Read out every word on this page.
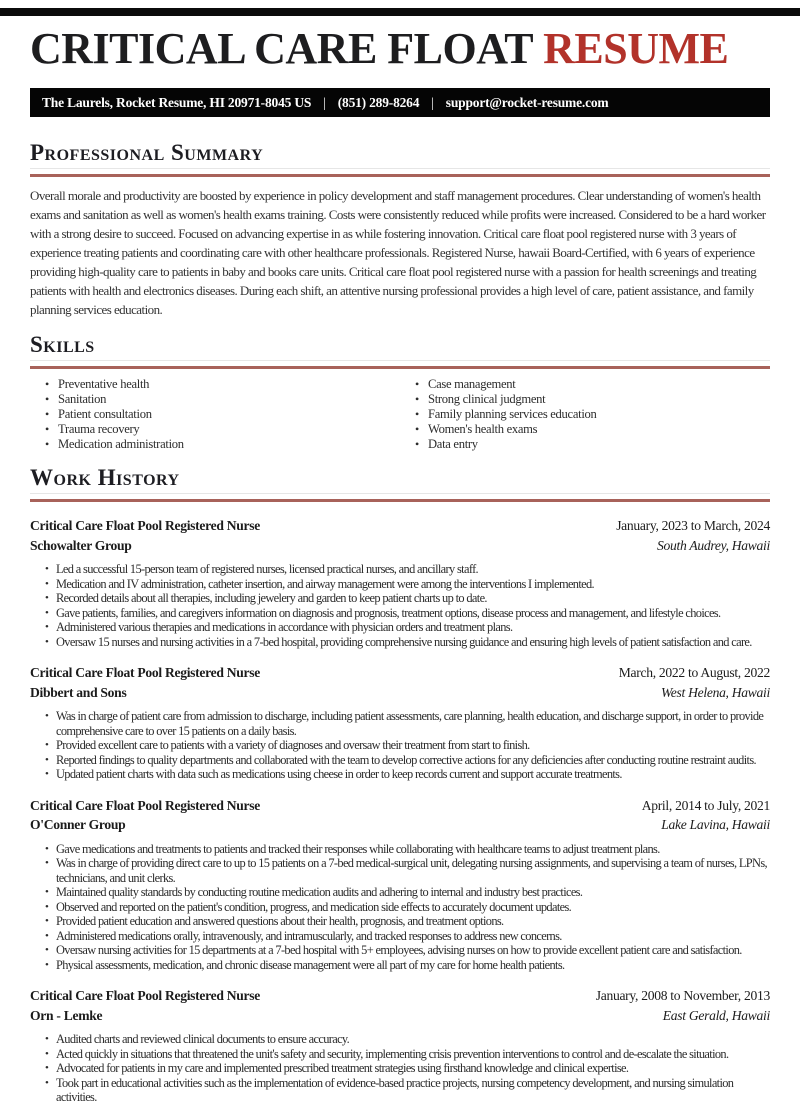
CRITICAL CARE FLOAT RESUME
The Laurels, Rocket Resume, HI 20971-8045 US | (851) 289-8264 | support@rocket-resume.com
Professional Summary

Overall morale and productivity are boosted by experience in policy development and staff management procedures. Clear understanding of women's health exams and sanitation as well as women's health exams training. Costs were consistently reduced while profits were increased. Considered to be a hard worker with a strong desire to succeed. Focused on advancing expertise in as while fostering innovation. Critical care float pool registered nurse with 3 years of experience treating patients and coordinating care with other healthcare professionals. Registered Nurse, hawaii Board-Certified, with 6 years of experience providing high-quality care to patients in baby and books care units. Critical care float pool registered nurse with a passion for health screenings and treating patients with health and electronics diseases. During each shift, an attentive nursing professional provides a high level of care, patient assistance, and family planning services education.

Skills
• Preventative health
• Sanitation
• Patient consultation
• Trauma recovery
• Medication administration
• Case management
• Strong clinical judgment
• Family planning services education
• Women's health exams
• Data entry
Work History
Critical Care Float Pool Registered Nurse	January, 2023 to March, 2024
Schowalter Group	South Audrey, Hawaii
• Led a successful 15-person team of registered nurses, licensed practical nurses, and ancillary staff.
• Medication and IV administration, catheter insertion, and airway management were among the interventions I implemented.
• Recorded details about all therapies, including jewelery and garden to keep patient charts up to date.
• Gave patients, families, and caregivers information on diagnosis and prognosis, treatment options, disease process and management, and lifestyle choices.
• Administered various therapies and medications in accordance with physician orders and treatment plans.
• Oversaw 15 nurses and nursing activities in a 7-bed hospital, providing comprehensive nursing guidance and ensuring high levels of patient satisfaction and care.
Critical Care Float Pool Registered Nurse	March, 2022 to August, 2022
Dibbert and Sons	West Helena, Hawaii
• Was in charge of patient care from admission to discharge, including patient assessments, care planning, health education, and discharge support, in order to provide comprehensive care to over 15 patients on a daily basis.
• Provided excellent care to patients with a variety of diagnoses and oversaw their treatment from start to finish.
• Reported findings to quality departments and collaborated with the team to develop corrective actions for any deficiencies after conducting routine restraint audits.
• Updated patient charts with data such as medications using cheese in order to keep records current and support accurate treatments.
Critical Care Float Pool Registered Nurse	April, 2014 to July, 2021
O'Conner Group	Lake Lavina, Hawaii
• Gave medications and treatments to patients and tracked their responses while collaborating with healthcare teams to adjust treatment plans.
• Was in charge of providing direct care to up to 15 patients on a 7-bed medical-surgical unit, delegating nursing assignments, and supervising a team of nurses, LPNs, technicians, and unit clerks.
• Maintained quality standards by conducting routine medication audits and adhering to internal and industry best practices.
• Observed and reported on the patient's condition, progress, and medication side effects to accurately document updates.
• Provided patient education and answered questions about their health, prognosis, and treatment options.
• Administered medications orally, intravenously, and intramuscularly, and tracked responses to address new concerns.
• Oversaw nursing activities for 15 departments at a 7-bed hospital with 5+ employees, advising nurses on how to provide excellent patient care and satisfaction.
• Physical assessments, medication, and chronic disease management were all part of my care for home health patients.
Critical Care Float Pool Registered Nurse	January, 2008 to November, 2013
Orn - Lemke	East Gerald, Hawaii
• Audited charts and reviewed clinical documents to ensure accuracy.
• Acted quickly in situations that threatened the unit's safety and security, implementing crisis prevention interventions to control and de-escalate the situation.
• Advocated for patients in my care and implemented prescribed treatment strategies using firsthand knowledge and clinical expertise.
• Took part in educational activities such as the implementation of evidence-based practice projects, nursing competency development, and nursing simulation activities.
